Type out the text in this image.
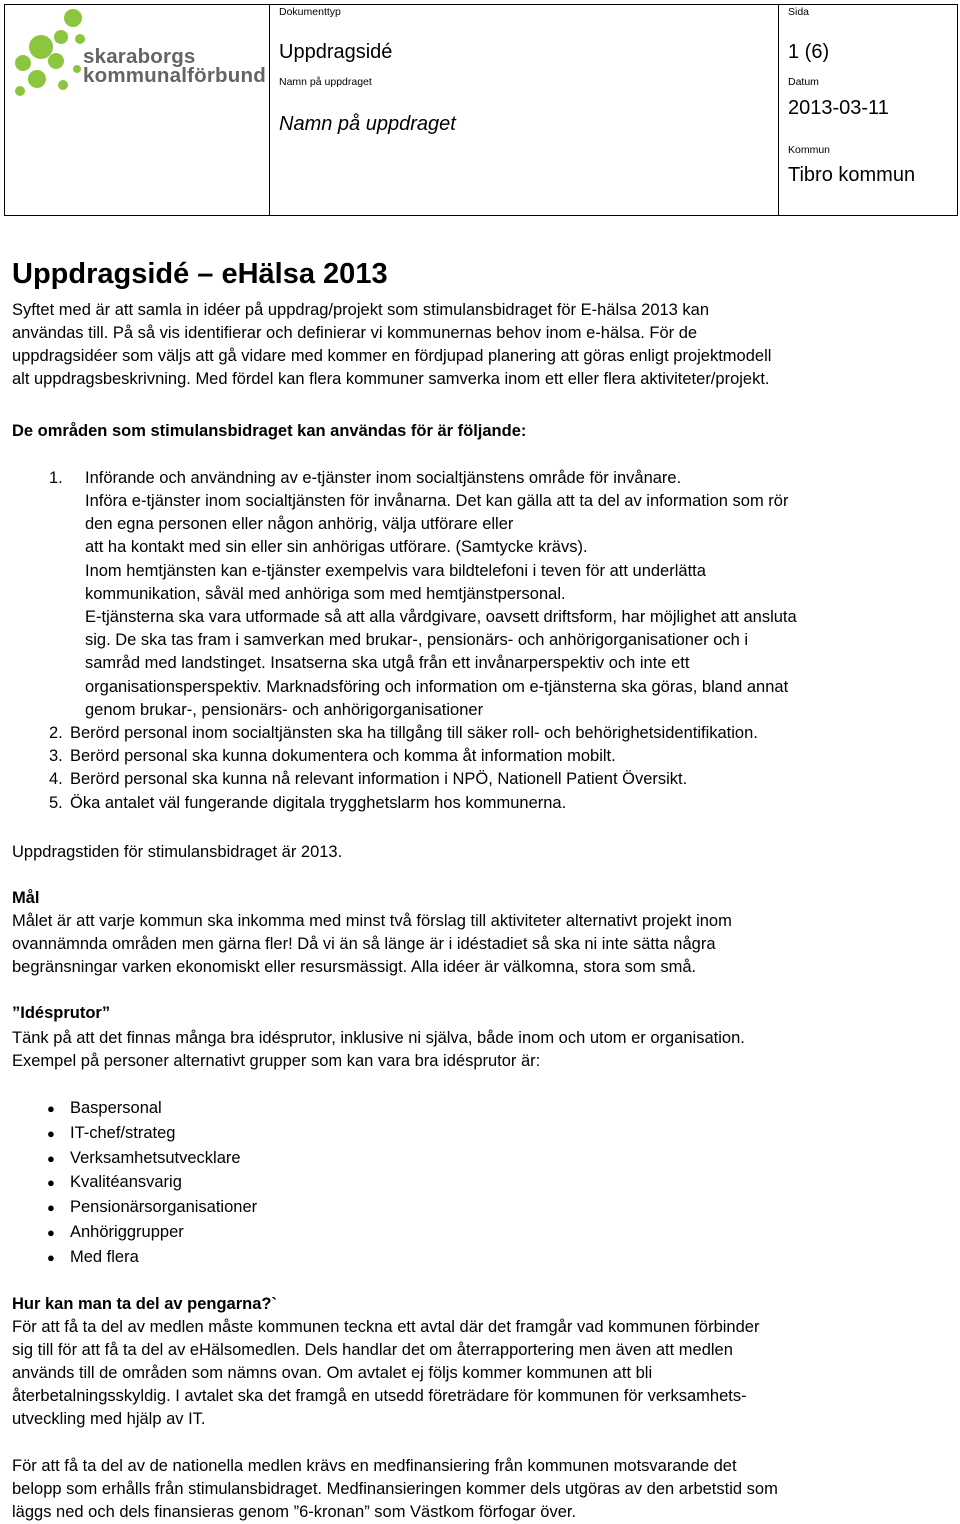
skaraborgs
kommunalförbund
Dokumenttyp
Uppdragsidé
Namn på uppdraget
Namn på uppdraget
Sida
1 (6)
Datum
2013-03-11
Kommun
Tibro kommun
Uppdragsidé – eHälsa 2013
Syftet med är att samla in idéer på uppdrag/projekt som stimulansbidraget för E-hälsa 2013 kan
användas till. På så vis identifierar och definierar vi kommunernas behov inom e-hälsa. För de
uppdragsidéer som väljs att gå vidare med kommer en fördjupad planering att göras enligt projektmodell
alt uppdragsbeskrivning. Med fördel kan flera kommuner samverka inom ett eller flera aktiviteter/projekt.
De områden som stimulansbidraget kan användas för är följande:
1. Införande och användning av e-tjänster inom socialtjänstens område för invånare.
Införa e-tjänster inom socialtjänsten för invånarna. Det kan gälla att ta del av information som rör
den egna personen eller någon anhörig, välja utförare eller
att ha kontakt med sin eller sin anhörigas utförare. (Samtycke krävs).
Inom hemtjänsten kan e-tjänster exempelvis vara bildtelefoni i teven för att underlätta
kommunikation, såväl med anhöriga som med hemtjänstpersonal.
E-tjänsterna ska vara utformade så att alla vårdgivare, oavsett driftsform, har möjlighet att ansluta
sig. De ska tas fram i samverkan med brukar-, pensionärs- och anhörigorganisationer och i
samråd med landstinget. Insatserna ska utgå från ett invånarperspektiv och inte ett
organisationsperspektiv. Marknadsföring och information om e-tjänsterna ska göras, bland annat
genom brukar-, pensionärs- och anhörigorganisationer
2. Berörd personal inom socialtjänsten ska ha tillgång till säker roll- och behörighetsidentifikation.
3. Berörd personal ska kunna dokumentera och komma åt information mobilt.
4. Berörd personal ska kunna nå relevant information i NPÖ, Nationell Patient Översikt.
5. Öka antalet väl fungerande digitala trygghetslarm hos kommunerna.
Uppdragstiden för stimulansbidraget är 2013.
Mål
Målet är att varje kommun ska inkomma med minst två förslag till aktiviteter alternativt projekt inom
ovannämnda områden men gärna fler! Då vi än så länge är i idéstadiet så ska ni inte sätta några
begränsningar varken ekonomiskt eller resursmässigt. Alla idéer är välkomna, stora som små.
”Idésprutor”
Tänk på att det finnas många bra idésprutor, inklusive ni själva, både inom och utom er organisation.
Exempel på personer alternativt grupper som kan vara bra idésprutor är:
● Baspersonal
● IT-chef/strateg
● Verksamhetsutvecklare
● Kvalitéansvarig
● Pensionärsorganisationer
● Anhöriggrupper
● Med flera
Hur kan man ta del av pengarna?`
För att få ta del av medlen måste kommunen teckna ett avtal där det framgår vad kommunen förbinder
sig till för att få ta del av eHälsomedlen. Dels handlar det om återrapportering men även att medlen
används till de områden som nämns ovan. Om avtalet ej följs kommer kommunen att bli
återbetalningsskyldig. I avtalet ska det framgå en utsedd företrädare för kommunen för verksamhets-
utveckling med hjälp av IT.
För att få ta del av de nationella medlen krävs en medfinansiering från kommunen motsvarande det
belopp som erhålls från stimulansbidraget. Medfinansieringen kommer dels utgöras av den arbetstid som
läggs ned och dels finansieras genom ”6-kronan” som Västkom förfogar över.
